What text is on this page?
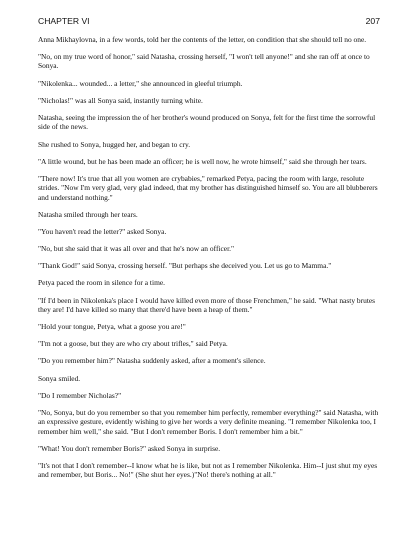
CHAPTER VI	207

Anna Mikhaylovna, in a few words, told her the contents of the letter, on condition that she should tell no one.

"No, on my true word of honor," said Natasha, crossing herself, "I won't tell anyone!" and she ran off at once to Sonya.

"Nikolenka... wounded... a letter," she announced in gleeful triumph.

"Nicholas!" was all Sonya said, instantly turning white.

Natasha, seeing the impression the of her brother's wound produced on Sonya, felt for the first time the sorrowful side of the news.

She rushed to Sonya, hugged her, and began to cry.

"A little wound, but he has been made an officer; he is well now, he wrote himself," said she through her tears.

"There now! It's true that all you women are crybabies," remarked Petya, pacing the room with large, resolute strides. "Now I'm very glad, very glad indeed, that my brother has distinguished himself so. You are all blubberers and understand nothing."

Natasha smiled through her tears.

"You haven't read the letter?" asked Sonya.

"No, but she said that it was all over and that he's now an officer."

"Thank God!" said Sonya, crossing herself. "But perhaps she deceived you. Let us go to Mamma."

Petya paced the room in silence for a time.

"If I'd been in Nikolenka's place I would have killed even more of those Frenchmen," he said. "What nasty brutes they are! I'd have killed so many that there'd have been a heap of them."

"Hold your tongue, Petya, what a goose you are!"

"I'm not a goose, but they are who cry about trifles," said Petya.

"Do you remember him?" Natasha suddenly asked, after a moment's silence.

Sonya smiled.

"Do I remember Nicholas?"

"No, Sonya, but do you remember so that you remember him perfectly, remember everything?" said Natasha, with an expressive gesture, evidently wishing to give her words a very definite meaning. "I remember Nikolenka too, I remember him well," she said. "But I don't remember Boris. I don't remember him a bit."

"What! You don't remember Boris?" asked Sonya in surprise.

"It's not that I don't remember--I know what he is like, but not as I remember Nikolenka. Him--I just shut my eyes and remember, but Boris... No!" (She shut her eyes.)"No! there's nothing at all."
